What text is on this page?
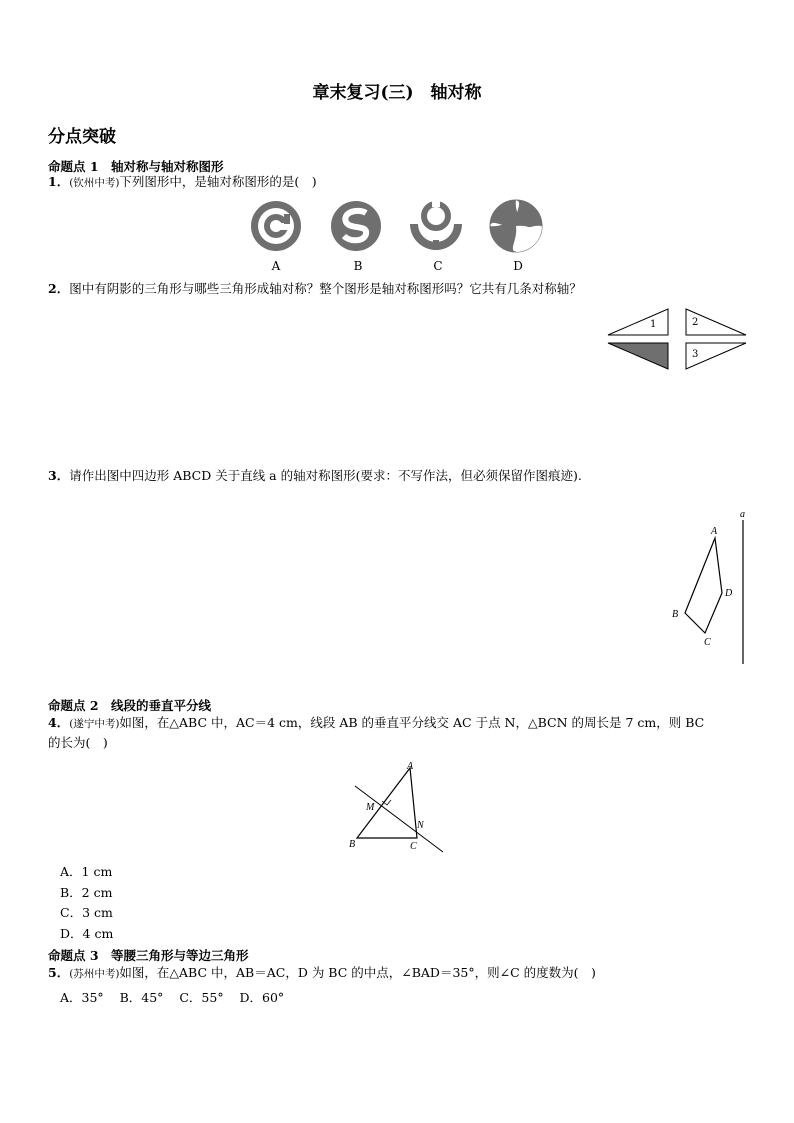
章末复习(三)　轴对称
分点突破
命题点 1　轴对称与轴对称图形
1．(钦州中考)下列图形中，是轴对称图形的是(　)
A	B	C	D
2．图中有阴影的三角形与哪些三角形成轴对称？整个图形是轴对称图形吗？它共有几条对称轴？
1	2
3
3．请作出图中四边形 ABCD 关于直线 a 的轴对称图形(要求：不写作法，但必须保留作图痕迹).
a
A
B
C
D
命题点 2　线段的垂直平分线
4．(遂宁中考)如图，在△ABC 中，AC＝4 cm，线段 AB 的垂直平分线交 AC 于点 N，△BCN 的周长是 7 cm，则 BC
的长为(　)
A
B	C
M
N
A．1 cm
B．2 cm
C．3 cm
D．4 cm
命题点 3　等腰三角形与等边三角形
5．(苏州中考)如图，在△ABC 中，AB＝AC，D 为 BC 的中点，∠BAD＝35°，则∠C 的度数为(　)
A．35° B．45° C．55° D．60°
